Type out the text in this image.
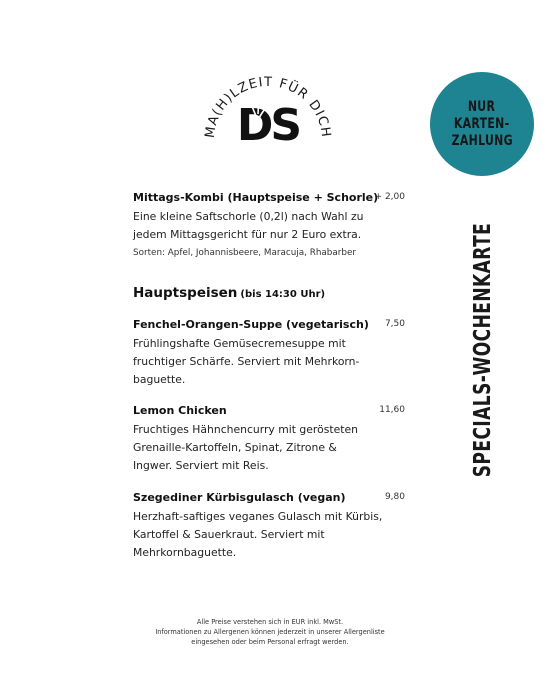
MA(H)LZEIT FÜR DICH
DS	NUR
KARTEN-
ZAHLUNG
SPECIALS-WOCHENKARTE
Mittags-Kombi (Hauptspeise + Schorle)
+ 2,00
Eine kleine Saftschorle (0,2l) nach Wahl zu
jedem Mittagsgericht für nur 2 Euro extra.
Sorten: Apfel, Johannisbeere, Maracuja, Rhabarber
Hauptspeisen (bis 14:30 Uhr)
Fenchel-Orangen-Suppe (vegetarisch)	7,50
Frühlingshafte Gemüsecremesuppe mit
fruchtiger Schärfe. Serviert mit Mehrkorn-
baguette.
Lemon Chicken	11,60
Fruchtiges Hähnchencurry mit gerösteten
Grenaille-Kartoffeln, Spinat, Zitrone &
Ingwer. Serviert mit Reis.
Szegediner Kürbisgulasch (vegan)	9,80
Herzhaft-saftiges veganes Gulasch mit Kürbis,
Kartoffel & Sauerkraut. Serviert mit
Mehrkornbaguette.
Alle Preise verstehen sich in EUR inkl. MwSt.
Informationen zu Allergenen können jederzeit in unserer Allergenliste
eingesehen oder beim Personal erfragt werden.
